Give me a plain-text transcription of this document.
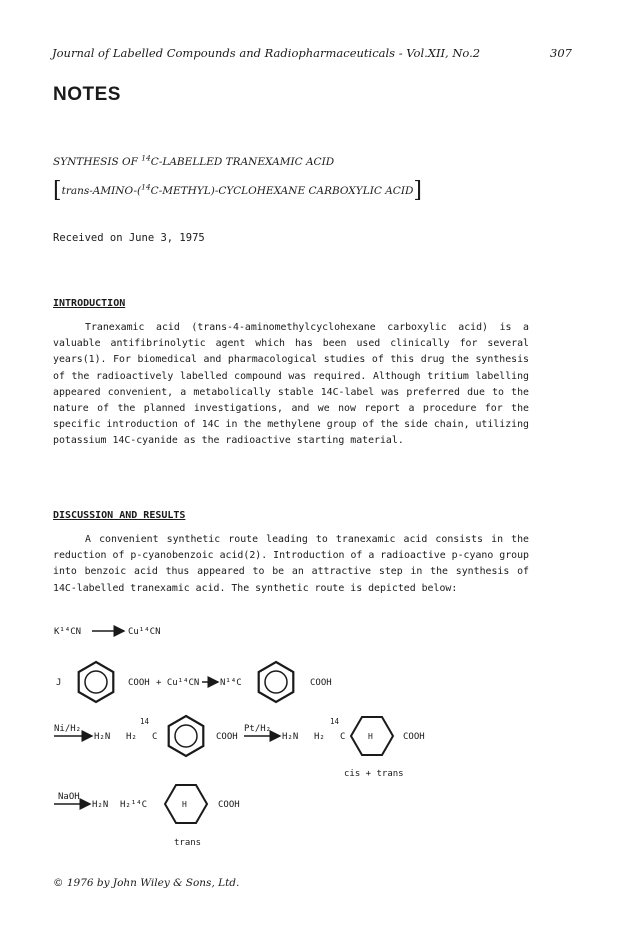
Journal of Labelled Compounds and Radiopharmaceuticals - Vol.XII, No.2	307
NOTES
SYNTHESIS OF $^{14}$C-LABELLED TRANEXAMIC ACID
[trans-AMINO-($^{14}$C-METHYL)-CYCLOHEXANE CARBOXYLIC ACID]
Received on June 3, 1975
INTRODUCTION

Tranexamic acid (trans-4-aminomethylcyclohexane carboxylic acid) is a valuable antifibrinolytic agent which has been used clinically for several years(1). For biomedical and pharmacological studies of this drug the synthesis of the radioactively labelled compound was required. Although tritium labelling appeared convenient, a metabolically stable 14C-label was preferred due to the nature of the planned investigations, and we now report a procedure for the specific introduction of 14C in the methylene group of the side chain, utilizing potassium 14C-cyanide as the radioactive starting material.

DISCUSSION AND RESULTS

A convenient synthetic route leading to tranexamic acid consists in the reduction of p-cyanobenzoic acid(2). Introduction of a radioactive p-cyano group into benzoic acid thus appeared to be an attractive step in the synthesis of 14C-labelled tranexamic acid. The synthetic route is depicted below:

K¹⁴CN	Cu¹⁴CN
J	COOH + Cu¹⁴CN N¹⁴C	COOH
Ni/H₂
H₂N H₂
14
C	COOH
Pt/H₂
H₂N H₂
14
C	H	COOH
cis + trans
NaOH
H₂N H₂¹⁴C	H	COOH
trans
© 1976 by John Wiley & Sons, Ltd.
